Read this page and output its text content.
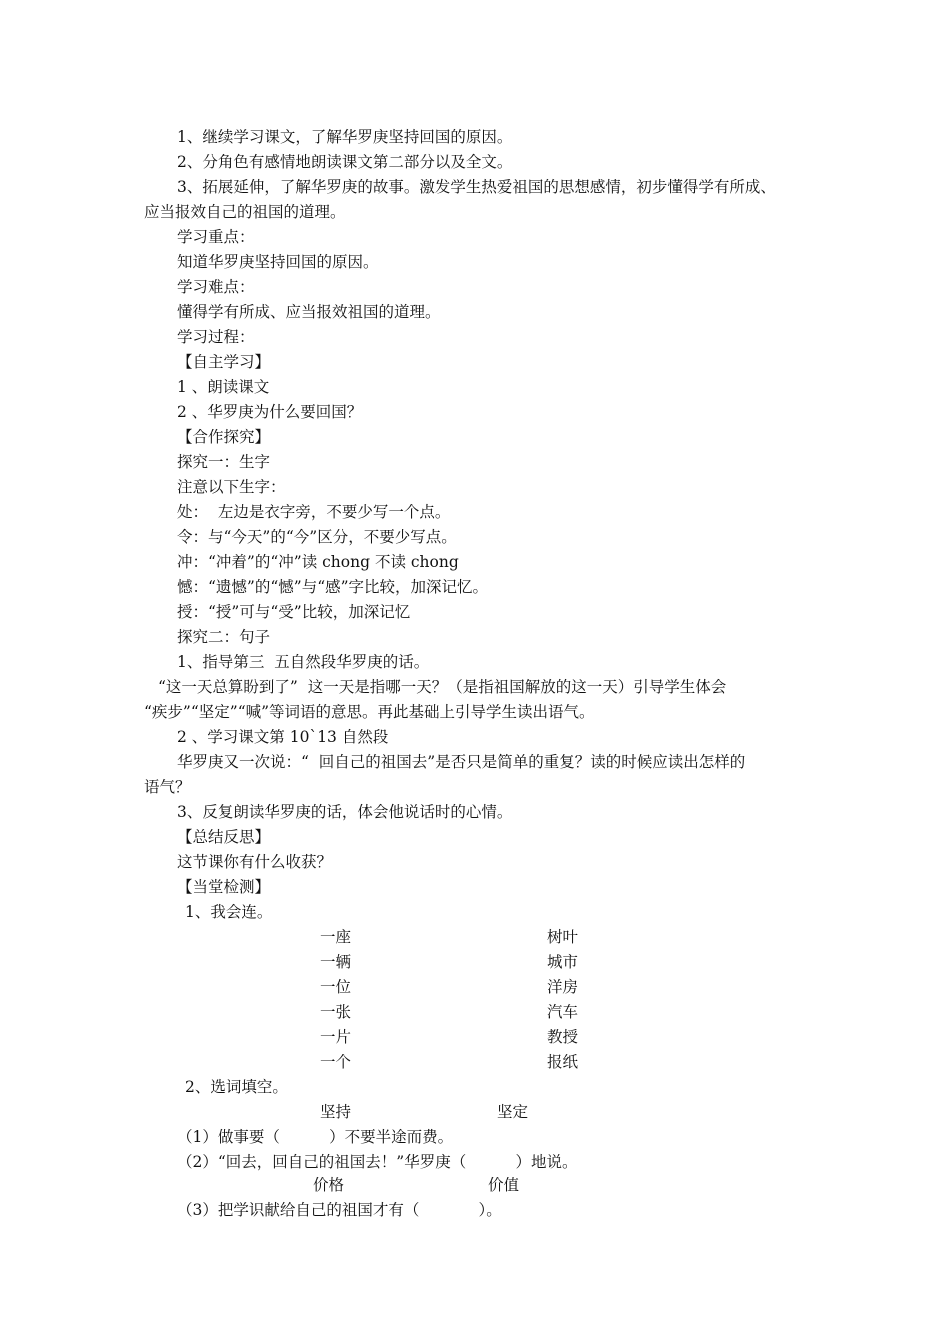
1、继续学习课文，了解华罗庚坚持回国的原因。
2、分角色有感情地朗读课文第二部分以及全文。
3、拓展延伸，了解华罗庚的故事。激发学生热爱祖国的思想感情，初步懂得学有所成、
应当报效自己的祖国的道理。
学习重点：
知道华罗庚坚持回国的原因。
学习难点：
懂得学有所成、应当报效祖国的道理。
学习过程：
【自主学习】
1 、朗读课文
2 、华罗庚为什么要回国？
【合作探究】
探究一：生字
注意以下生字：
处：  左边是衣字旁，不要少写一个点。
令：与“今天”的“今”区分，不要少写点。
冲：“冲着”的“冲”读 chong 不读 chong
憾：“遗憾”的“憾”与“感”字比较，加深记忆。
授：“授”可与“受”比较，加深记忆
探究二：句子
1、指导第三  五自然段华罗庚的话。
“这一天总算盼到了”  这一天是指哪一天？（是指祖国解放的这一天）引导学生体会
“疾步”“坚定”“喊”等词语的意思。再此基础上引导学生读出语气。
2 、学习课文第 10`13 自然段
华罗庚又一次说：“  回自己的祖国去”是否只是简单的重复？读的时候应读出怎样的
语气？
3、反复朗读华罗庚的话，体会他说话时的心情。
【总结反思】
这节课你有什么收获？
【当堂检测】
1、我会连。
一座	树叶
一辆	城市
一位	洋房
一张	汽车
一片	教授
一个	报纸
2、选词填空。
坚持	坚定
（1）做事要（          ）不要半途而费。
（2）“回去，回自己的祖国去！”华罗庚（          ）地说。
价格	价值
（3）把学识献给自己的祖国才有（            ）。
